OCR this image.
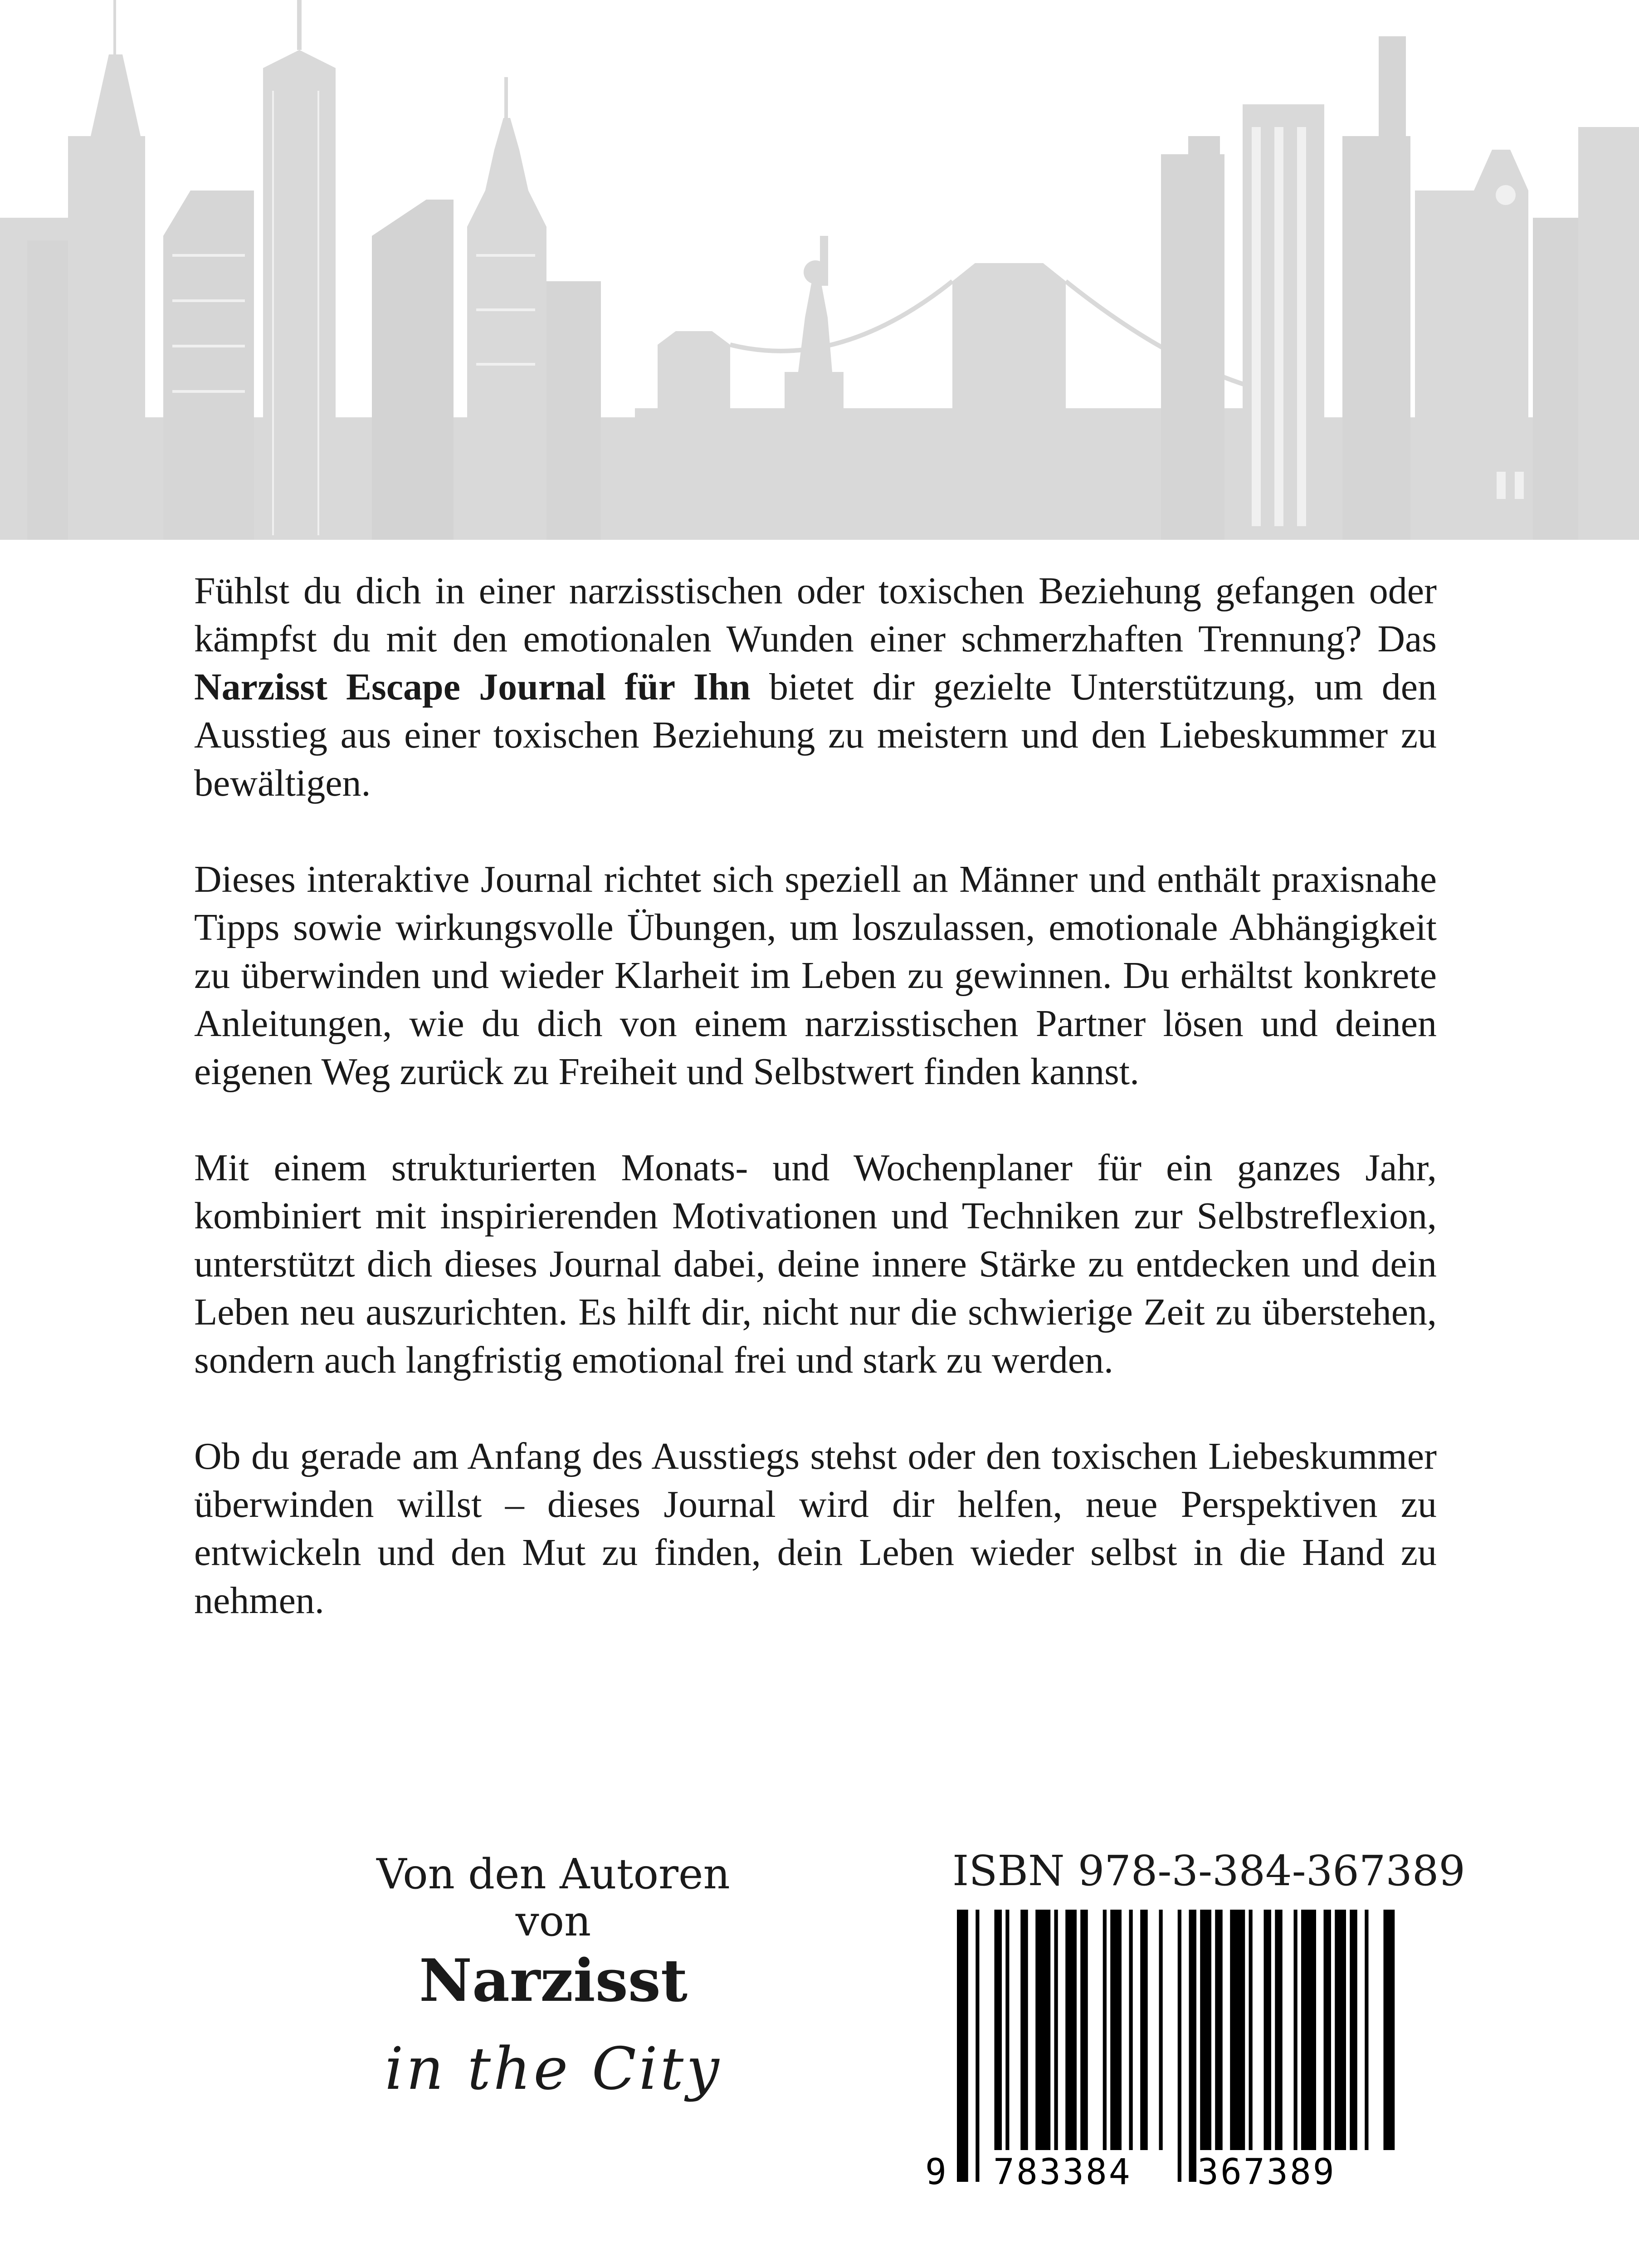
Fühlst du dich in einer narzisstischen oder toxischen Beziehung gefangen oder kämpfst du mit den emotionalen Wunden einer schmerzhaften Trennung? Das Narzisst Escape Journal für Ihn bietet dir gezielte Unterstützung, um den Ausstieg aus einer toxischen Beziehung zu meistern und den Liebeskummer zu bewältigen.

Dieses interaktive Journal richtet sich speziell an Männer und enthält praxisnahe Tipps sowie wirkungsvolle Übungen, um loszulassen, emotionale Abhängigkeit zu überwinden und wieder Klarheit im Leben zu gewinnen. Du erhältst konkrete Anleitungen, wie du dich von einem narzisstischen Partner lösen und deinen eigenen Weg zurück zu Freiheit und Selbstwert finden kannst.

Mit einem strukturierten Monats- und Wochenplaner für ein ganzes Jahr, kombiniert mit inspirierenden Motivationen und Techniken zur Selbstreflexion, unterstützt dich dieses Journal dabei, deine innere Stärke zu entdecken und dein Leben neu auszurichten. Es hilft dir, nicht nur die schwierige Zeit zu überstehen, sondern auch langfristig emotional frei und stark zu werden.

Ob du gerade am Anfang des Ausstiegs stehst oder den toxischen Liebeskummer überwinden willst – dieses Journal wird dir helfen, neue Perspektiven zu entwickeln und den Mut zu finden, dein Leben wieder selbst in die Hand zu nehmen.

Von den Autoren
von
Narzisst
in the City
ISBN 978-3-384-367389
9 783384 367389
